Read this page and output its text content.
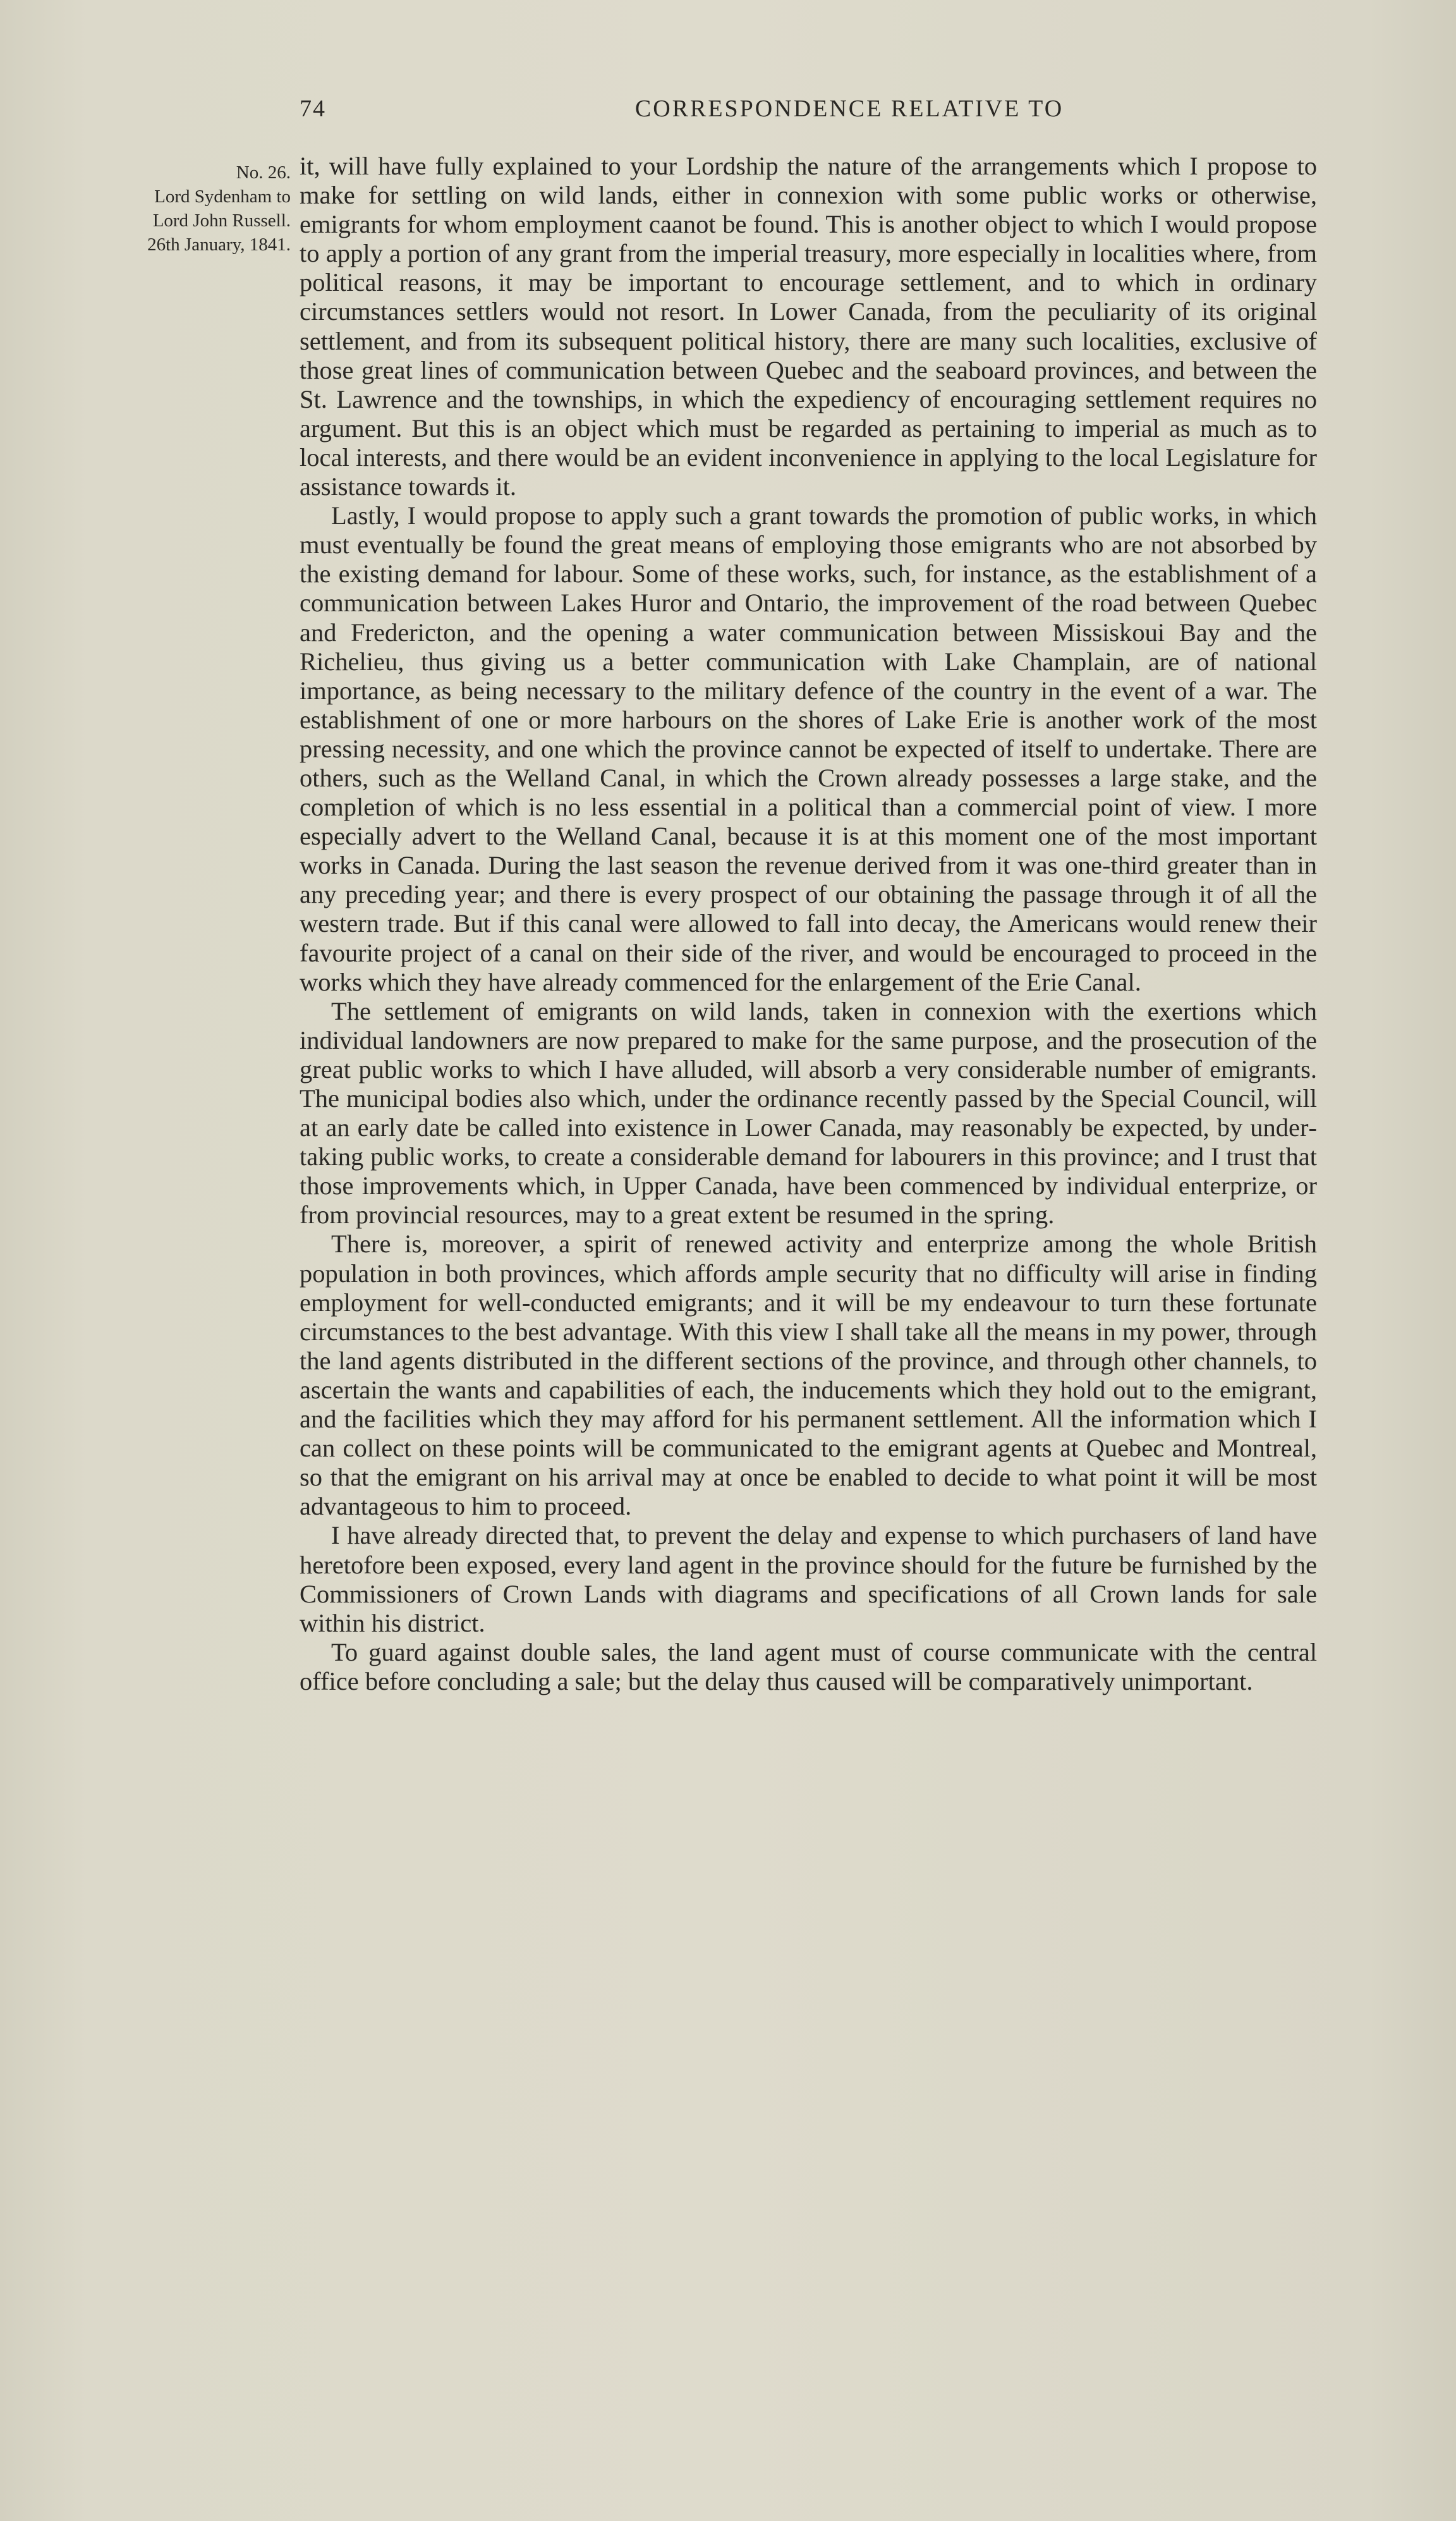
74	CORRESPONDENCE RELATIVE TO
No. 26.
Lord Sydenham to
Lord John Russell.
26th January, 1841.

it, will have fully explained to your Lordship the nature of the arrangements which I propose to make for settling on wild lands, either in connexion with some public works or otherwise, emigrants for whom employment caanot be found. This is another object to which I would propose to apply a portion of any grant from the imperial treasury, more especially in localities where, from political reasons, it may be important to encourage settlement, and to which in ordinary circumstances settlers would not resort. In Lower Canada, from the peculiarity of its original settlement, and from its subsequent political history, there are many such localities, exclusive of those great lines of communication between Quebec and the seaboard provinces, and between the St. Lawrence and the townships, in which the expediency of encouraging settlement requires no argument. But this is an object which must be regarded as pertaining to imperial as much as to local interests, and there would be an evident inconvenience in applying to the local Legislature for assistance towards it.

Lastly, I would propose to apply such a grant towards the promotion of public works, in which must eventually be found the great means of employing those emigrants who are not absorbed by the existing demand for labour. Some of these works, such, for instance, as the establishment of a communication between Lakes Huror and Ontario, the improvement of the road between Quebec and Fredericton, and the opening a water communication between Missiskoui Bay and the Richelieu, thus giving us a better communication with Lake Champlain, are of national importance, as being necessary to the military defence of the country in the event of a war. The establishment of one or more harbours on the shores of Lake Erie is another work of the most pressing necessity, and one which the province cannot be expected of itself to undertake. There are others, such as the Welland Canal, in which the Crown already possesses a large stake, and the completion of which is no less essential in a political than a commercial point of view. I more especially advert to the Welland Canal, because it is at this moment one of the most important works in Canada. During the last season the revenue derived from it was one-third greater than in any preceding year; and there is every prospect of our obtaining the passage through it of all the western trade. But if this canal were allowed to fall into decay, the Americans would renew their favourite project of a canal on their side of the river, and would be encouraged to proceed in the works which they have already commenced for the enlargement of the Erie Canal.

The settlement of emigrants on wild lands, taken in connexion with the exertions which individual landowners are now prepared to make for the same purpose, and the prosecution of the great public works to which I have alluded, will absorb a very considerable number of emigrants. The municipal bodies also which, under the ordinance recently passed by the Special Council, will at an early date be called into existence in Lower Canada, may reasonably be expected, by undertaking public works, to create a considerable demand for labourers in this province; and I trust that those improvements which, in Upper Canada, have been commenced by individual enterprize, or from provincial resources, may to a great extent be resumed in the spring.

There is, moreover, a spirit of renewed activity and enterprize among the whole British population in both provinces, which affords ample security that no difficulty will arise in finding employment for well-conducted emigrants; and it will be my endeavour to turn these fortunate circumstances to the best advantage. With this view I shall take all the means in my power, through the land agents distributed in the different sections of the province, and through other channels, to ascertain the wants and capabilities of each, the inducements which they hold out to the emigrant, and the facilities which they may afford for his permanent settlement. All the information which I can collect on these points will be communicated to the emigrant agents at Quebec and Montreal, so that the emigrant on his arrival may at once be enabled to decide to what point it will be most advantageous to him to proceed.

I have already directed that, to prevent the delay and expense to which purchasers of land have heretofore been exposed, every land agent in the province should for the future be furnished by the Commissioners of Crown Lands with diagrams and specifications of all Crown lands for sale within his district.

To guard against double sales, the land agent must of course communicate with the central office before concluding a sale; but the delay thus caused will be comparatively unimportant.
